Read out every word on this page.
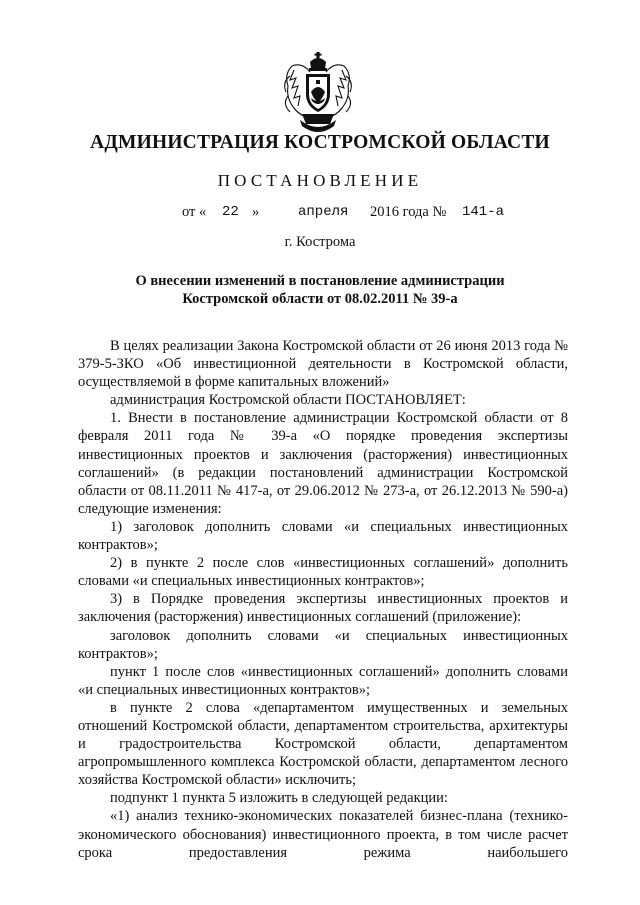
АДМИНИСТРАЦИЯ КОСТРОМСКОЙ ОБЛАСТИ
ПОСТАНОВЛЕНИЕ
от « 22 »	апреля 2016 года № 141-а
г. Кострома
О внесении изменений в постановление администрации
Костромской области от 08.02.2011 № 39-а

В целях реализации Закона Костромской области от 26 июня 2013 года № 379-5-ЗКО «Об инвестиционной деятельности в Костромской области, осуществляемой в форме капитальных вложений»

администрация Костромской области ПОСТАНОВЛЯЕТ:

1. Внести в постановление администрации Костромской области от 8 февраля 2011 года № 39-а «О порядке проведения экспертизы инвестиционных проектов и заключения (расторжения) инвестиционных соглашений» (в редакции постановлений администрации Костромской области от 08.11.2011 № 417-а, от 29.06.2012 № 273-а, от 26.12.2013 № 590-а) следующие изменения:

1) заголовок дополнить словами «и специальных инвестиционных контрактов»;

2) в пункте 2 после слов «инвестиционных соглашений» дополнить словами «и специальных инвестиционных контрактов»;

3) в Порядке проведения экспертизы инвестиционных проектов и заключения (расторжения) инвестиционных соглашений (приложение):

заголовок дополнить словами «и специальных инвестиционных контрактов»;

пункт 1 после слов «инвестиционных соглашений» дополнить словами «и специальных инвестиционных контрактов»;

в пункте 2 слова «департаментом имущественных и земельных отношений Костромской области, департаментом строительства, архитектуры и градостроительства Костромской области, департаментом агропромышленного комплекса Костромской области, департаментом лесного хозяйства Костромской области» исключить;

подпункт 1 пункта 5 изложить в следующей редакции:

«1) анализ технико-экономических показателей бизнес-плана (технико-экономического обоснования) инвестиционного проекта, в том числе расчет срока предоставления режима наибольшего
